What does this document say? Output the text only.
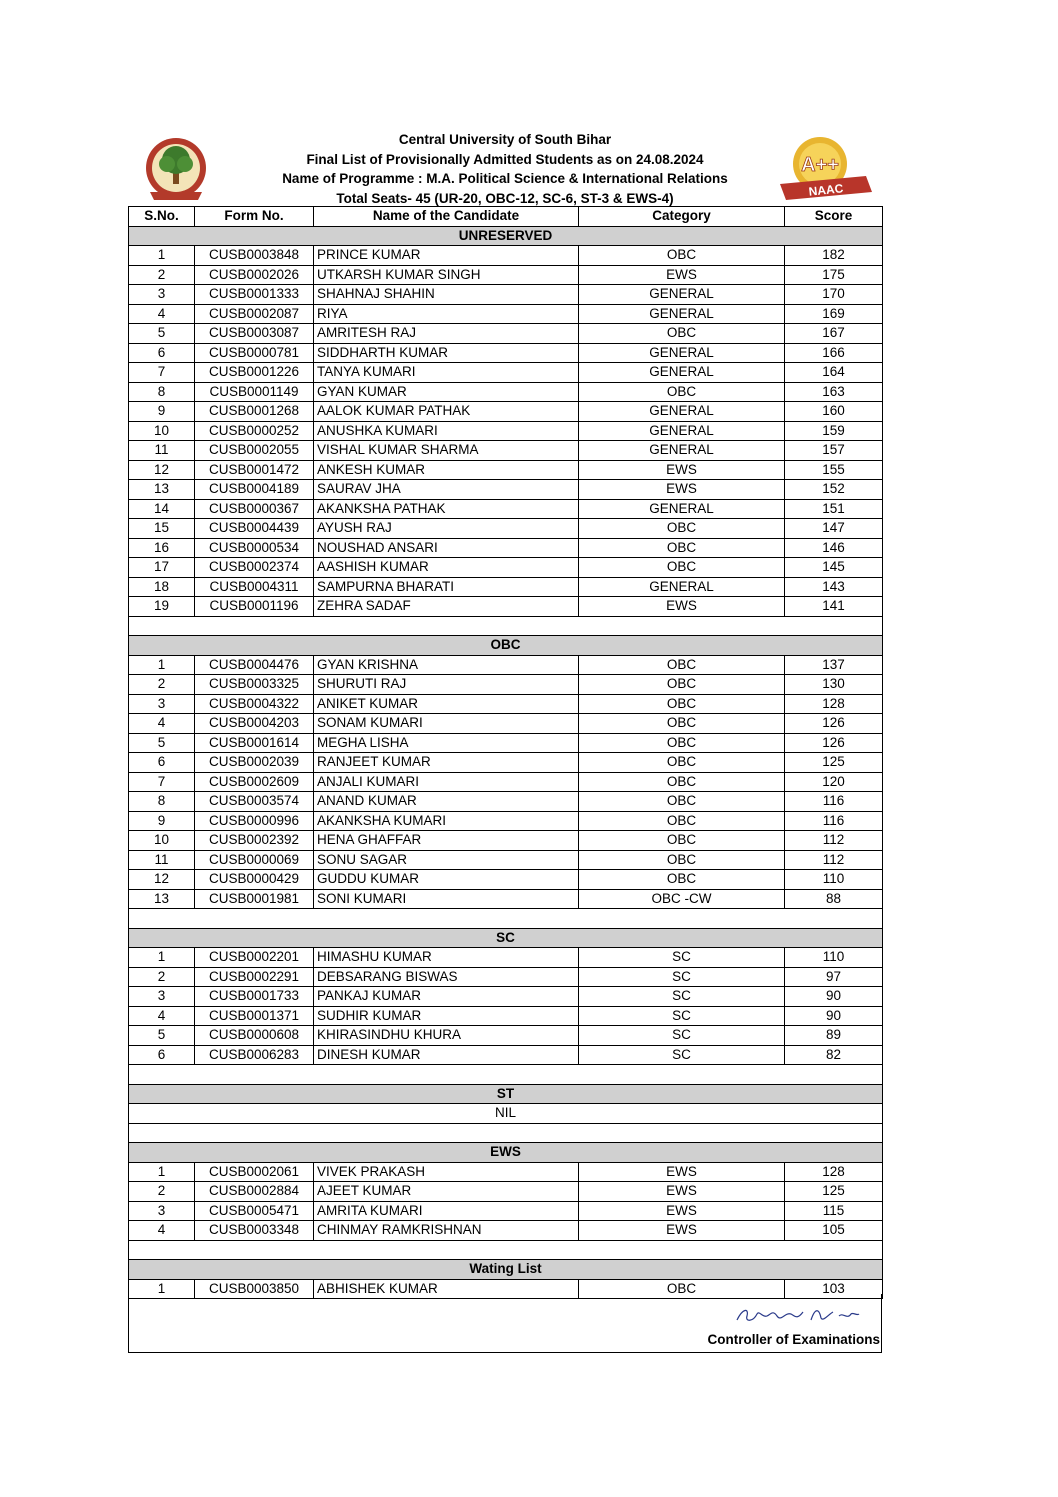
Central University of South Bihar
Final List of Provisionally Admitted Students as on 24.08.2024
Name of Programme : M.A. Political Science & International Relations
Total Seats- 45 (UR-20, OBC-12, SC-6, ST-3 & EWS-4)
A++
NAAC
S.No.	Form No.	Name of the Candidate	Category	Score
UNRESERVED				
1	CUSB0003848	PRINCE KUMAR	OBC	182
2	CUSB0002026	UTKARSH KUMAR SINGH	EWS	175
3	CUSB0001333	SHAHNAJ SHAHIN	GENERAL	170
4	CUSB0002087	RIYA	GENERAL	169
5	CUSB0003087	AMRITESH RAJ	OBC	167
6	CUSB0000781	SIDDHARTH KUMAR	GENERAL	166
7	CUSB0001226	TANYA KUMARI	GENERAL	164
8	CUSB0001149	GYAN KUMAR	OBC	163
9	CUSB0001268	AALOK KUMAR PATHAK	GENERAL	160
10	CUSB0000252	ANUSHKA KUMARI	GENERAL	159
11	CUSB0002055	VISHAL KUMAR SHARMA	GENERAL	157
12	CUSB0001472	ANKESH KUMAR	EWS	155
13	CUSB0004189	SAURAV JHA	EWS	152
14	CUSB0000367	AKANKSHA PATHAK	GENERAL	151
15	CUSB0004439	AYUSH RAJ	OBC	147
16	CUSB0000534	NOUSHAD ANSARI	OBC	146
17	CUSB0002374	AASHISH KUMAR	OBC	145
18	CUSB0004311	SAMPURNA BHARATI	GENERAL	143
19	CUSB0001196	ZEHRA SADAF	EWS	141

OBC				
1	CUSB0004476	GYAN KRISHNA	OBC	137
2	CUSB0003325	SHURUTI RAJ	OBC	130
3	CUSB0004322	ANIKET KUMAR	OBC	128
4	CUSB0004203	SONAM KUMARI	OBC	126
5	CUSB0001614	MEGHA LISHA	OBC	126
6	CUSB0002039	RANJEET KUMAR	OBC	125
7	CUSB0002609	ANJALI KUMARI	OBC	120
8	CUSB0003574	ANAND KUMAR	OBC	116
9	CUSB0000996	AKANKSHA KUMARI	OBC	116
10	CUSB0002392	HENA GHAFFAR	OBC	112
11	CUSB0000069	SONU SAGAR	OBC	112
12	CUSB0000429	GUDDU KUMAR	OBC	110
13	CUSB0001981	SONI KUMARI	OBC -CW	88

SC				
1	CUSB0002201	HIMASHU KUMAR	SC	110
2	CUSB0002291	DEBSARANG BISWAS	SC	97
3	CUSB0001733	PANKAJ KUMAR	SC	90
4	CUSB0001371	SUDHIR KUMAR	SC	90
5	CUSB0000608	KHIRASINDHU KHURA	SC	89
6	CUSB0006283	DINESH KUMAR	SC	82

ST				
NIL				

EWS				
1	CUSB0002061	VIVEK PRAKASH	EWS	128
2	CUSB0002884	AJEET KUMAR	EWS	125
3	CUSB0005471	AMRITA KUMARI	EWS	115
4	CUSB0003348	CHINMAY RAMKRISHNAN	EWS	105

Wating List				
1	CUSB0003850	ABHISHEK KUMAR	OBC	103
Controller of Examinations
